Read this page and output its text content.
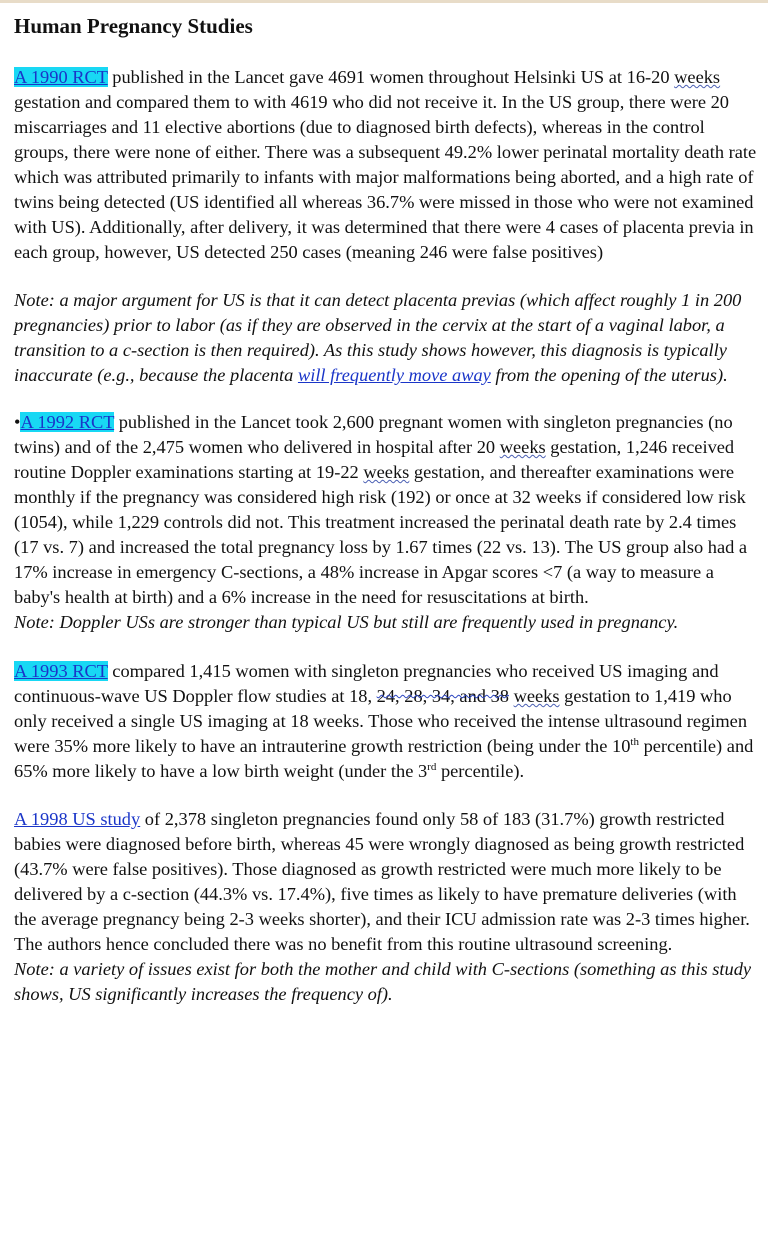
Human Pregnancy Studies

A 1990 RCT published in the Lancet gave 4691 women throughout Helsinki US at 16-20 weeks gestation and compared them to with 4619 who did not receive it. In the US group, there were 20 miscarriages and 11 elective abortions (due to diagnosed birth defects), whereas in the control groups, there were none of either. There was a subsequent 49.2% lower perinatal mortality death rate which was attributed primarily to infants with major malformations being aborted, and a high rate of twins being detected (US identified all whereas 36.7% were missed in those who were not examined with US). Additionally, after delivery, it was determined that there were 4 cases of placenta previa in each group, however, US detected 250 cases (meaning 246 were false positives)

Note: a major argument for US is that it can detect placenta previas (which affect roughly 1 in 200 pregnancies) prior to labor (as if they are observed in the cervix at the start of a vaginal labor, a transition to a c-section is then required). As this study shows however, this diagnosis is typically inaccurate (e.g., because the placenta will frequently move away from the opening of the uterus).

•A 1992 RCT published in the Lancet took 2,600 pregnant women with singleton pregnancies (no twins) and of the 2,475 women who delivered in hospital after 20 weeks gestation, 1,246 received routine Doppler examinations starting at 19-22 weeks gestation, and thereafter examinations were monthly if the pregnancy was considered high risk (192) or once at 32 weeks if considered low risk (1054), while 1,229 controls did not. This treatment increased the perinatal death rate by 2.4 times (17 vs. 7) and increased the total pregnancy loss by 1.67 times (22 vs. 13). The US group also had a 17% increase in emergency C-sections, a 48% increase in Apgar scores <7 (a way to measure a baby's health at birth) and a 6% increase in the need for resuscitations at birth.

Note: Doppler USs are stronger than typical US but still are frequently used in pregnancy.

A 1993 RCT compared 1,415 women with singleton pregnancies who received US imaging and continuous-wave US Doppler flow studies at 18, 24, 28, 34, and 38 weeks gestation to 1,419 who only received a single US imaging at 18 weeks. Those who received the intense ultrasound regimen were 35% more likely to have an intrauterine growth restriction (being under the 10th percentile) and 65% more likely to have a low birth weight (under the 3rd percentile).

A 1998 US study of 2,378 singleton pregnancies found only 58 of 183 (31.7%) growth restricted babies were diagnosed before birth, whereas 45 were wrongly diagnosed as being growth restricted (43.7% were false positives). Those diagnosed as growth restricted were much more likely to be delivered by a c-section (44.3% vs. 17.4%), five times as likely to have premature deliveries (with the average pregnancy being 2-3 weeks shorter), and their ICU admission rate was 2-3 times higher. The authors hence concluded there was no benefit from this routine ultrasound screening.

Note: a variety of issues exist for both the mother and child with C-sections (something as this study shows, US significantly increases the frequency of).
